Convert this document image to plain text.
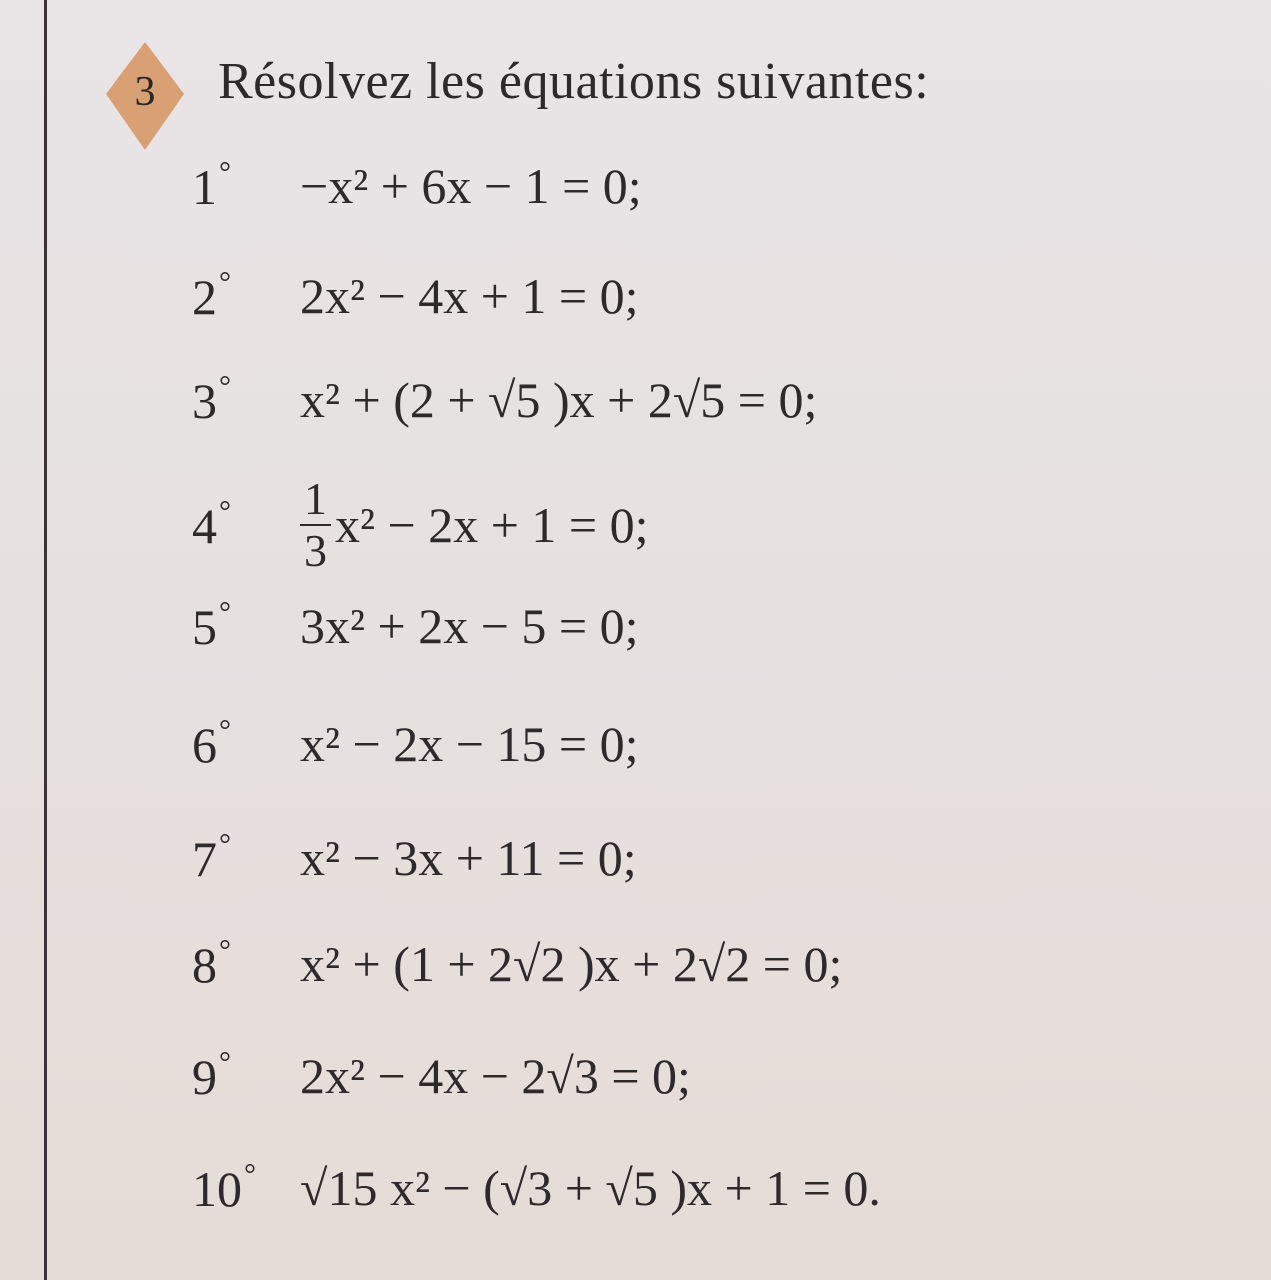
3	Résolvez les équations suivantes:
1°	−x² + 6x − 1 = 0;
2°	2x² − 4x + 1 = 0;
3°	x² + (2 + √5 )x + 2√5 = 0;
4°	$\frac{1}{3} x^2 - 2x + 1 = 0$;
5°	3x² + 2x − 5 = 0;
6°	x² − 2x − 15 = 0;
7°	x² − 3x + 11 = 0;
8°	x² + (1 + 2√2 )x + 2√2 = 0;
9°	2x² − 4x − 2√3 = 0;
10° √15 x² − (√3 + √5 )x + 1 = 0.
